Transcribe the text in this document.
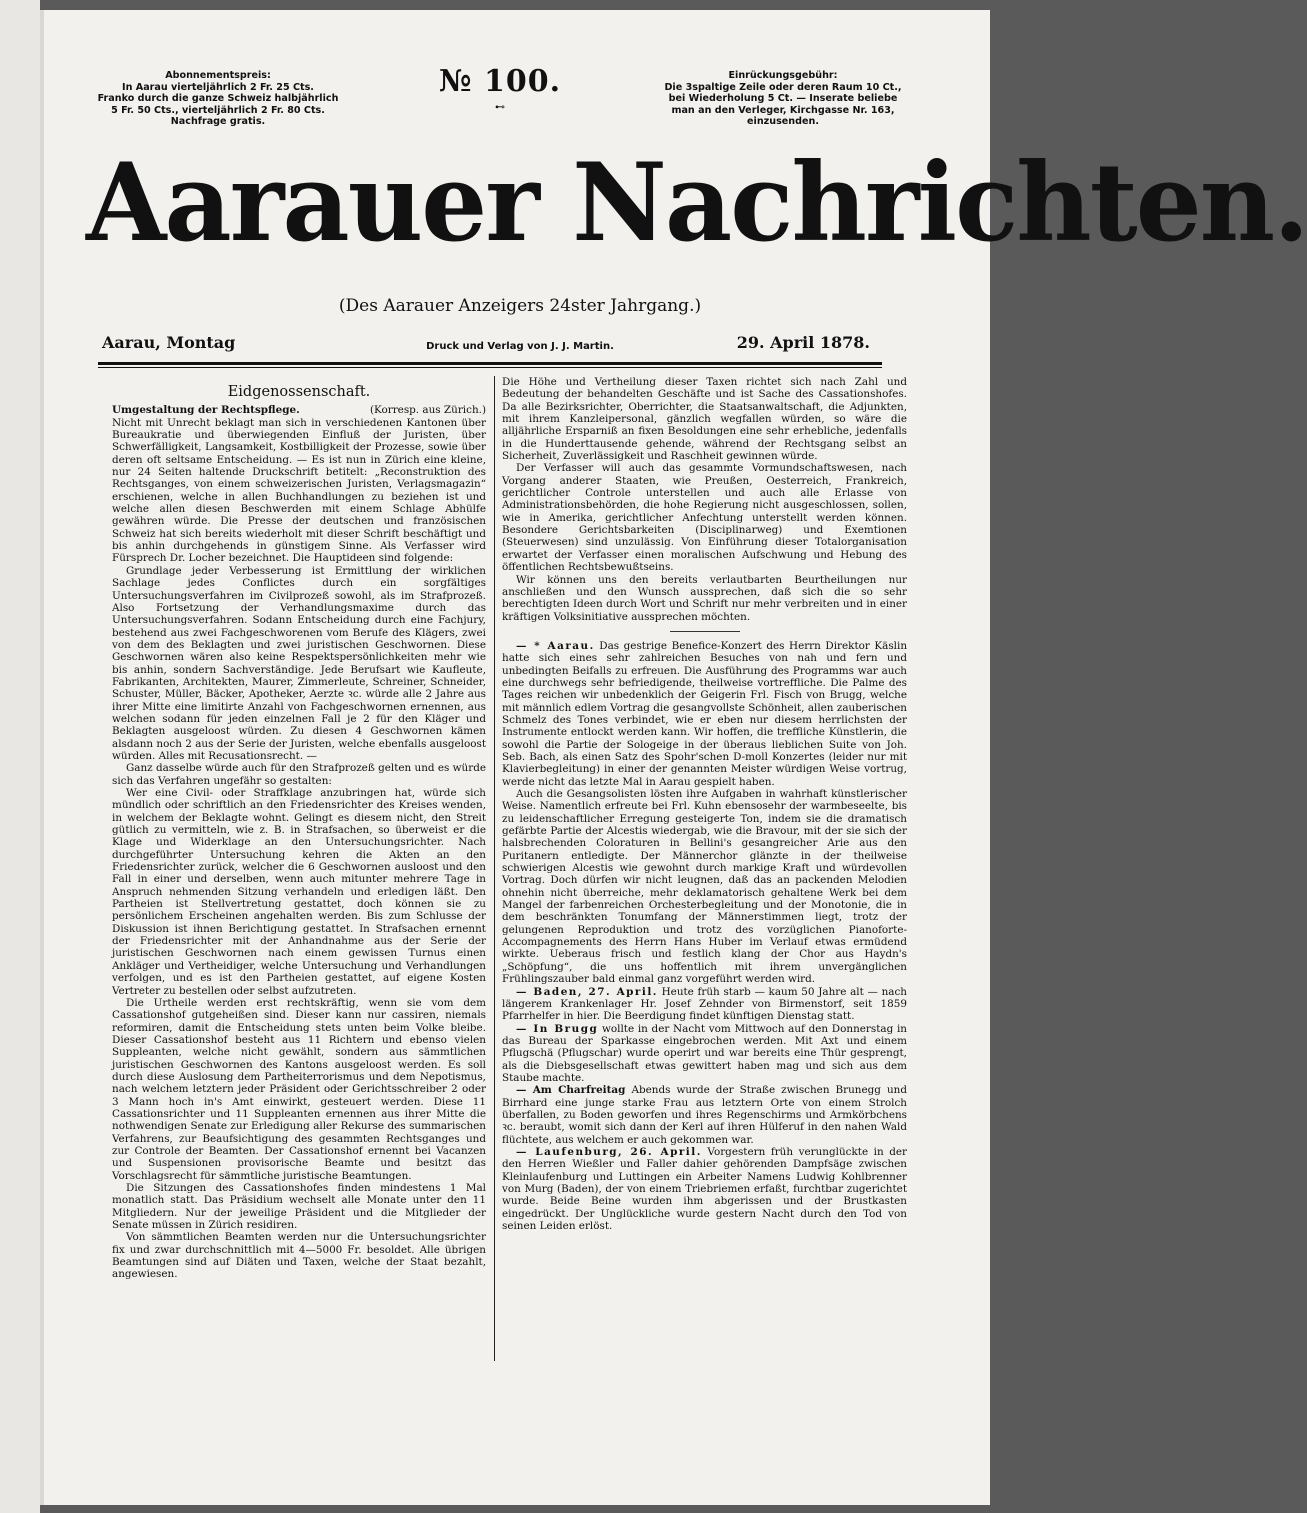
Abonnementspreis:
In Aarau vierteljährlich 2 Fr. 25 Cts.
Franko durch die ganze Schweiz halbjährlich
5 Fr. 50 Cts., vierteljährlich 2 Fr. 80 Cts.
Nachfrage gratis.
№ 100.
⊷
Einrückungsgebühr:
Die 3spaltige Zeile oder deren Raum 10 Ct.,
bei Wiederholung 5 Ct. — Inserate beliebe
man an den Verleger, Kirchgasse Nr. 163,
einzusenden.
Aarauer Nachrichten.
(Des Aarauer Anzeigers 24ster Jahrgang.)
Aarau, Montag	Druck und Verlag von J. J. Martin.	29. April 1878.
Eidgenossenschaft.

Umgestaltung der Rechtspflege.	(Korresp. aus Zürich.)

Nicht mit Unrecht beklagt man sich in verschiedenen Kantonen über Bureaukratie und überwiegenden Einfluß der Juristen, über Schwerfälligkeit, Langsamkeit, Kostbilligkeit der Prozesse, sowie über deren oft seltsame Entscheidung. — Es ist nun in Zürich eine kleine, nur 24 Seiten haltende Druckschrift betitelt: „Reconstruktion des Rechtsganges, von einem schweizerischen Juristen, Verlagsmagazin“ erschienen, welche in allen Buchhandlungen zu beziehen ist und welche allen diesen Beschwerden mit einem Schlage Abhülfe gewähren würde. Die Presse der deutschen und französischen Schweiz hat sich bereits wiederholt mit dieser Schrift beschäftigt und bis anhin durchgehends in günstigem Sinne. Als Verfasser wird Fürsprech Dr. Locher bezeichnet. Die Hauptideen sind folgende:

Grundlage jeder Verbesserung ist Ermittlung der wirklichen Sachlage jedes Conflictes durch ein sorgfältiges Untersuchungsverfahren im Civilprozeß sowohl, als im Strafprozeß. Also Fortsetzung der Verhandlungsmaxime durch das Untersuchungsverfahren. Sodann Entscheidung durch eine Fachjury, bestehend aus zwei Fachgeschworenen vom Berufe des Klägers, zwei von dem des Beklagten und zwei juristischen Geschwornen. Diese Geschwornen wären also keine Respektspersönlichkeiten mehr wie bis anhin, sondern Sachverständige. Jede Berufsart wie Kaufleute, Fabrikanten, Architekten, Maurer, Zimmerleute, Schreiner, Schneider, Schuster, Müller, Bäcker, Apotheker, Aerzte ꝛc. würde alle 2 Jahre aus ihrer Mitte eine limitirte Anzahl von Fachgeschwornen ernennen, aus welchen sodann für jeden einzelnen Fall je 2 für den Kläger und Beklagten ausgeloost würden. Zu diesen 4 Geschwornen kämen alsdann noch 2 aus der Serie der Juristen, welche ebenfalls ausgeloost würden. Alles mit Recusationsrecht. —

Ganz dasselbe würde auch für den Strafprozeß gelten und es würde sich das Verfahren ungefähr so gestalten:

Wer eine Civil- oder Straffklage anzubringen hat, würde sich mündlich oder schriftlich an den Friedensrichter des Kreises wenden, in welchem der Beklagte wohnt. Gelingt es diesem nicht, den Streit gütlich zu vermitteln, wie z. B. in Strafsachen, so überweist er die Klage und Widerklage an den Untersuchungsrichter. Nach durchgeführter Untersuchung kehren die Akten an den Friedensrichter zurück, welcher die 6 Geschwornen ausloost und den Fall in einer und derselben, wenn auch mitunter mehrere Tage in Anspruch nehmenden Sitzung verhandeln und erledigen läßt. Den Partheien ist Stellvertretung gestattet, doch können sie zu persönlichem Erscheinen angehalten werden. Bis zum Schlusse der Diskussion ist ihnen Berichtigung gestattet. In Strafsachen ernennt der Friedensrichter mit der Anhandnahme aus der Serie der juristischen Geschwornen nach einem gewissen Turnus einen Ankläger und Vertheidiger, welche Untersuchung und Verhandlungen verfolgen, und es ist den Partheien gestattet, auf eigene Kosten Vertreter zu bestellen oder selbst aufzutreten.

Die Urtheile werden erst rechtskräftig, wenn sie vom dem Cassationshof gutgeheißen sind. Dieser kann nur cassiren, niemals reformiren, damit die Entscheidung stets unten beim Volke bleibe. Dieser Cassationshof besteht aus 11 Richtern und ebenso vielen Suppleanten, welche nicht gewählt, sondern aus sämmtlichen juristischen Geschwornen des Kantons ausgeloost werden. Es soll durch diese Auslosung dem Partheiterrorismus und dem Nepotismus, nach welchem letztern jeder Präsident oder Gerichtsschreiber 2 oder 3 Mann hoch in's Amt einwirkt, gesteuert werden. Diese 11 Cassationsrichter und 11 Suppleanten ernennen aus ihrer Mitte die nothwendigen Senate zur Erledigung aller Rekurse des summarischen Verfahrens, zur Beaufsichtigung des gesammten Rechtsganges und zur Controle der Beamten. Der Cassationshof ernennt bei Vacanzen und Suspensionen provisorische Beamte und besitzt das Vorschlagsrecht für sämmtliche juristische Beamtungen.

Die Sitzungen des Cassationshofes finden mindestens 1 Mal monatlich statt. Das Präsidium wechselt alle Monate unter den 11 Mitgliedern. Nur der jeweilige Präsident und die Mitglieder der Senate müssen in Zürich residiren.

Von sämmtlichen Beamten werden nur die Untersuchungsrichter fix und zwar durchschnittlich mit 4—5000 Fr. besoldet. Alle übrigen Beamtungen sind auf Diäten und Taxen, welche der Staat bezahlt, angewiesen.

Die Höhe und Vertheilung dieser Taxen richtet sich nach Zahl und Bedeutung der behandelten Geschäfte und ist Sache des Cassationshofes. Da alle Bezirksrichter, Oberrichter, die Staatsanwaltschaft, die Adjunkten, mit ihrem Kanzleipersonal, gänzlich wegfallen würden, so wäre die alljährliche Ersparniß an fixen Besoldungen eine sehr erhebliche, jedenfalls in die Hunderttausende gehende, während der Rechtsgang selbst an Sicherheit, Zuverlässigkeit und Raschheit gewinnen würde.

Der Verfasser will auch das gesammte Vormundschaftswesen, nach Vorgang anderer Staaten, wie Preußen, Oesterreich, Frankreich, gerichtlicher Controle unterstellen und auch alle Erlasse von Administrationsbehörden, die hohe Regierung nicht ausgeschlossen, sollen, wie in Amerika, gerichtlicher Anfechtung unterstellt werden können. Besondere Gerichtsbarkeiten (Disciplinarweg) und Exemtionen (Steuerwesen) sind unzulässig. Von Einführung dieser Totalorganisation erwartet der Verfasser einen moralischen Aufschwung und Hebung des öffentlichen Rechtsbewußtseins.

Wir können uns den bereits verlautbarten Beurtheilungen nur anschließen und den Wunsch aussprechen, daß sich die so sehr berechtigten Ideen durch Wort und Schrift nur mehr verbreiten und in einer kräftigen Volksinitiative aussprechen möchten.

— * Aarau. Das gestrige Benefice-Konzert des Herrn Direktor Käslin hatte sich eines sehr zahlreichen Besuches von nah und fern und unbedingten Beifalls zu erfreuen. Die Ausführung des Programms war auch eine durchwegs sehr befriedigende, theilweise vortreffliche. Die Palme des Tages reichen wir unbedenklich der Geigerin Frl. Fisch von Brugg, welche mit männlich edlem Vortrag die gesangvollste Schönheit, allen zauberischen Schmelz des Tones verbindet, wie er eben nur diesem herrlichsten der Instrumente entlockt werden kann. Wir hoffen, die treffliche Künstlerin, die sowohl die Partie der Sologeige in der überaus lieblichen Suite von Joh. Seb. Bach, als einen Satz des Spohr'schen D-moll Konzertes (leider nur mit Klavierbegleitung) in einer der genannten Meister würdigen Weise vortrug, werde nicht das letzte Mal in Aarau gespielt haben.

Auch die Gesangsolisten lösten ihre Aufgaben in wahrhaft künstlerischer Weise. Namentlich erfreute bei Frl. Kuhn ebensosehr der warmbeseelte, bis zu leidenschaftlicher Erregung gesteigerte Ton, indem sie die dramatisch gefärbte Partie der Alcestis wiedergab, wie die Bravour, mit der sie sich der halsbrechenden Coloraturen in Bellini's gesangreicher Arie aus den Puritanern entledigte. Der Männerchor glänzte in der theilweise schwierigen Alcestis wie gewohnt durch markige Kraft und würdevollen Vortrag. Doch dürfen wir nicht leugnen, daß das an packenden Melodien ohnehin nicht überreiche, mehr deklamatorisch gehaltene Werk bei dem Mangel der farbenreichen Orchesterbegleitung und der Monotonie, die in dem beschränkten Tonumfang der Männerstimmen liegt, trotz der gelungenen Reproduktion und trotz des vorzüglichen Pianoforte-Accompagnements des Herrn Hans Huber im Verlauf etwas ermüdend wirkte. Ueberaus frisch und festlich klang der Chor aus Haydn's „Schöpfung“, die uns hoffentlich mit ihrem unvergänglichen Frühlingszauber bald einmal ganz vorgeführt werden wird.

— Baden, 27. April. Heute früh starb — kaum 50 Jahre alt — nach längerem Krankenlager Hr. Josef Zehnder von Birmenstorf, seit 1859 Pfarrhelfer in hier. Die Beerdigung findet künftigen Dienstag statt.

— In Brugg wollte in der Nacht vom Mittwoch auf den Donnerstag in das Bureau der Sparkasse eingebrochen werden. Mit Axt und einem Pflugschä (Pflugschar) wurde operirt und war bereits eine Thür gesprengt, als die Diebsgesellschaft etwas gewittert haben mag und sich aus dem Staube machte.

— Am Charfreitag Abends wurde der Straße zwischen Brunegg und Birrhard eine junge starke Frau aus letztern Orte von einem Strolch überfallen, zu Boden geworfen und ihres Regenschirms und Armkörbchens ꝛc. beraubt, womit sich dann der Kerl auf ihren Hülferuf in den nahen Wald flüchtete, aus welchem er auch gekommen war.

— Laufenburg, 26. April. Vorgestern früh verunglückte in der den Herren Wießler und Faller dahier gehörenden Dampfsäge zwischen Kleinlaufenburg und Luttingen ein Arbeiter Namens Ludwig Kohlbrenner von Murg (Baden), der von einem Triebriemen erfaßt, furchtbar zugerichtet wurde. Beide Beine wurden ihm abgerissen und der Brustkasten eingedrückt. Der Unglückliche wurde gestern Nacht durch den Tod von seinen Leiden erlöst.
